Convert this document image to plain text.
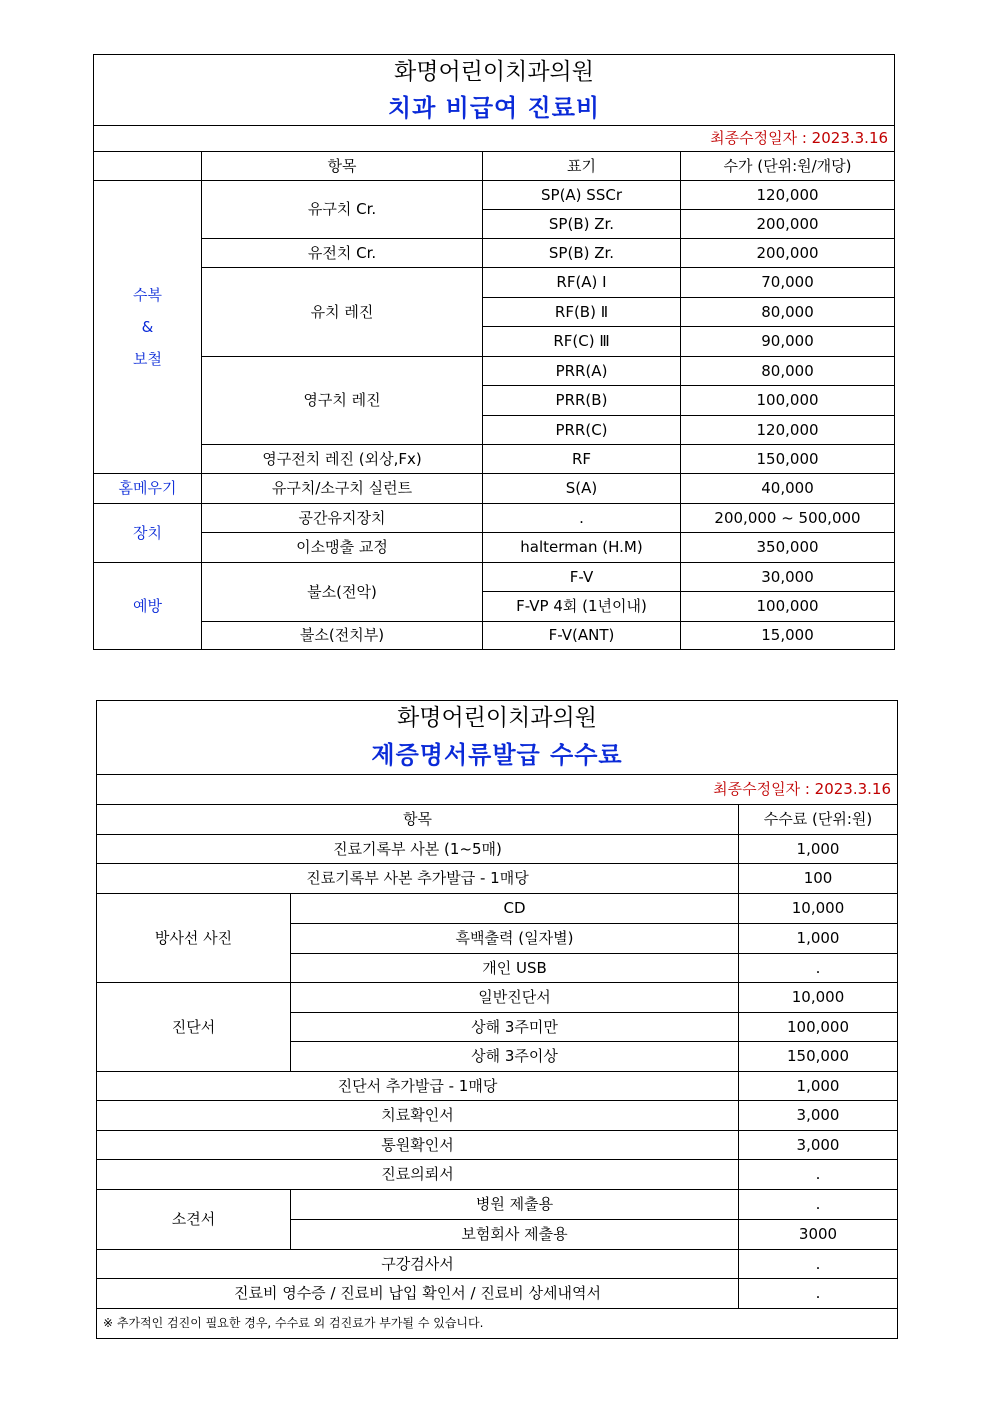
화명어린이치과의원			
치과 비급여 진료비			
최종수정일자 : 2023.3.16			
	항목	표기	수가 (단위:원/개당)

수복
&
보철	유구치 Cr.	SP(A) SSCr	120,000
		SP(B) Zr.	200,000
	유전치 Cr.	SP(B) Zr.	200,000
	유치 레진	RF(A) Ⅰ	70,000
		RF(B) Ⅱ	80,000
		RF(C) Ⅲ	90,000
	영구치 레진	PRR(A)	80,000
		PRR(B)	100,000
		PRR(C)	120,000
	영구전치 레진 (외상,Fx)	RF	150,000
홈메우기	유구치/소구치 실런트	S(A)	40,000
장치	공간유지장치	.	200,000 ~ 500,000
	이소맹출 교정	halterman (H.M)	350,000
예방	불소(전악)	F-V	30,000
		F-VP 4회 (1년이내)	100,000
	불소(전치부)	F-V(ANT)	15,000
화명어린이치과의원		
제증명서류발급 수수료		
최종수정일자 : 2023.3.16		
항목		수수료 (단위:원)
진료기록부 사본 (1~5매)		1,000
진료기록부 사본 추가발급 - 1매당		100
방사선 사진	CD	10,000
	흑백출력 (일자별)	1,000
	개인 USB	.
진단서	일반진단서	10,000
	상해 3주미만	100,000
	상해 3주이상	150,000
진단서 추가발급 - 1매당		1,000
치료확인서		3,000
통원확인서		3,000
진료의뢰서		.
소견서	병원 제출용	.
	보험회사 제출용	3000
구강검사서		.
진료비 영수증 / 진료비 납입 확인서 / 진료비 상세내역서		.
※ 추가적인 검진이 필요한 경우, 수수료 외 검진료가 부가될 수 있습니다.		
